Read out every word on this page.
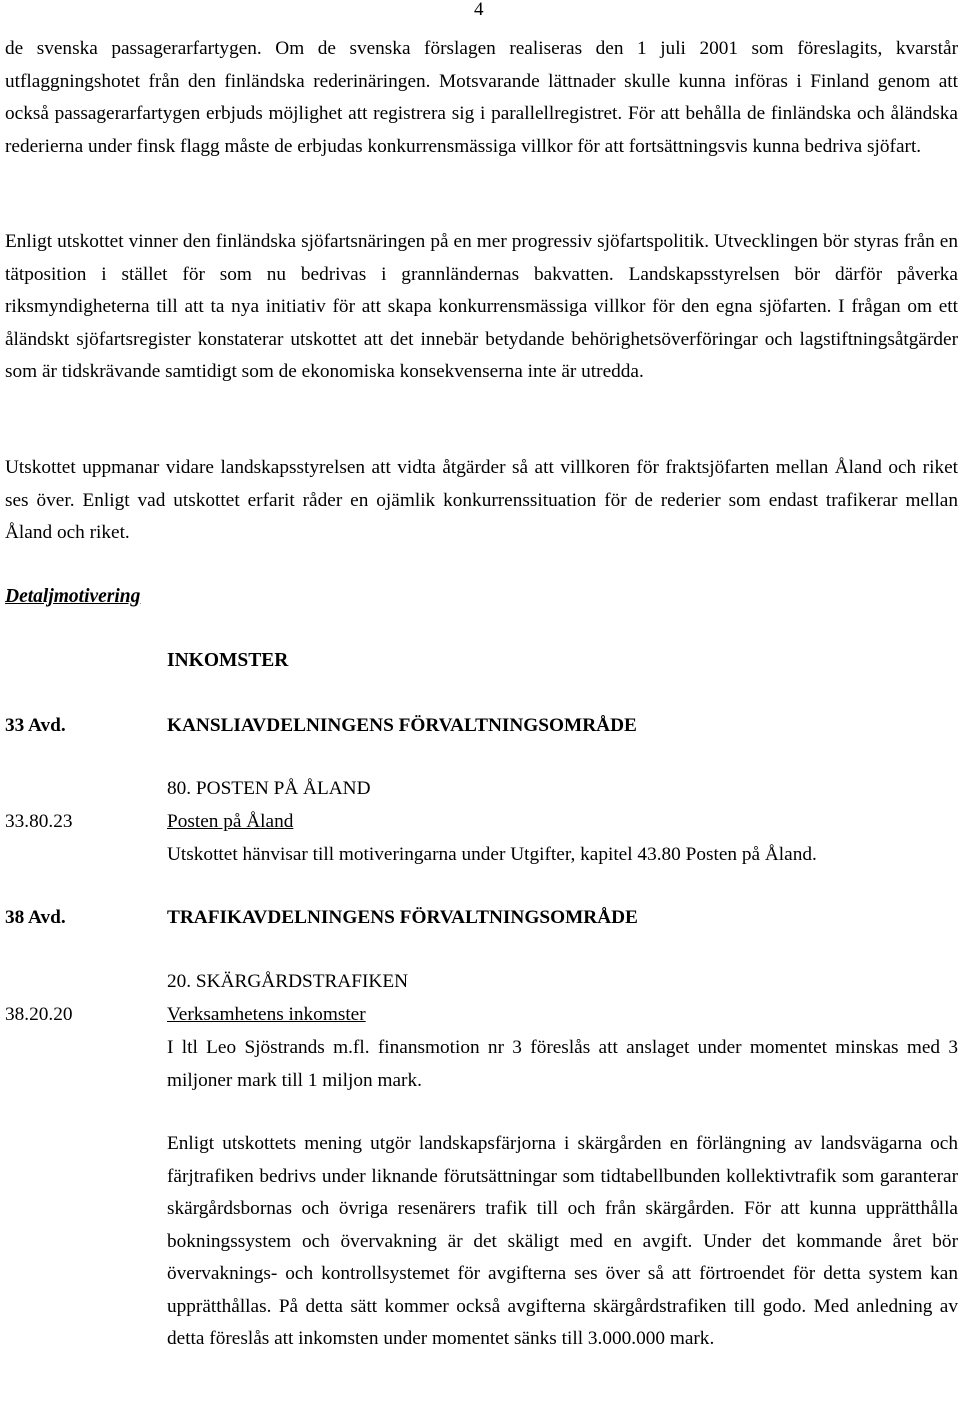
4

de svenska passagerarfartygen. Om de svenska förslagen realiseras den 1 juli 2001 som föreslagits, kvarstår utflaggningshotet från den finländska rederinäringen. Motsvarande lättnader skulle kunna införas i Finland genom att också passagerarfartygen erbjuds möjlighet att registrera sig i parallellregistret. För att behålla de finländska och åländska rederierna under finsk flagg måste de erbjudas konkurrensmässiga villkor för att fortsättningsvis kunna bedriva sjöfart.

Enligt utskottet vinner den finländska sjöfartsnäringen på en mer progressiv sjöfartspolitik. Utvecklingen bör styras från en tätposition i stället för som nu bedrivas i grannländernas bakvatten. Landskapsstyrelsen bör därför påverka riksmyndigheterna till att ta nya initiativ för att skapa konkurrensmässiga villkor för den egna sjöfarten. I frågan om ett åländskt sjöfartsregister konstaterar utskottet att det innebär betydande behörighetsöverföringar och lagstiftningsåtgärder som är tidskrävande samtidigt som de ekonomiska konsekvenserna inte är utredda.

Utskottet uppmanar vidare landskapsstyrelsen att vidta åtgärder så att villkoren för fraktsjöfarten mellan Åland och riket ses över. Enligt vad utskottet erfarit råder en ojämlik konkurrenssituation för de rederier som endast trafikerar mellan Åland och riket.

Detaljmotivering
INKOMSTER
33 Avd.	KANSLIAVDELNINGENS FÖRVALTNINGSOMRÅDE
80. POSTEN PÅ ÅLAND
33.80.23	Posten på Åland
Utskottet hänvisar till motiveringarna under Utgifter, kapitel 43.80 Posten på Åland.
38 Avd.	TRAFIKAVDELNINGENS FÖRVALTNINGSOMRÅDE
20. SKÄRGÅRDSTRAFIKEN
38.20.20	Verksamhetens inkomster

I ltl Leo Sjöstrands m.fl. finansmotion nr 3 föreslås att anslaget under momentet minskas med 3 miljoner mark till 1 miljon mark.

Enligt utskottets mening utgör landskapsfärjorna i skärgården en förlängning av landsvägarna och färjtrafiken bedrivs under liknande förutsättningar som tidtabellbunden kollektivtrafik som garanterar skärgårdsbornas och övriga resenärers trafik till och från skärgården. För att kunna upprätthålla bokningssystem och övervakning är det skäligt med en avgift. Under det kommande året bör övervaknings- och kontrollsystemet för avgifterna ses över så att förtroendet för detta system kan upprätthållas. På detta sätt kommer också avgifterna skärgårdstrafiken till godo. Med anledning av detta föreslås att inkomsten under momentet sänks till 3.000.000 mark.
